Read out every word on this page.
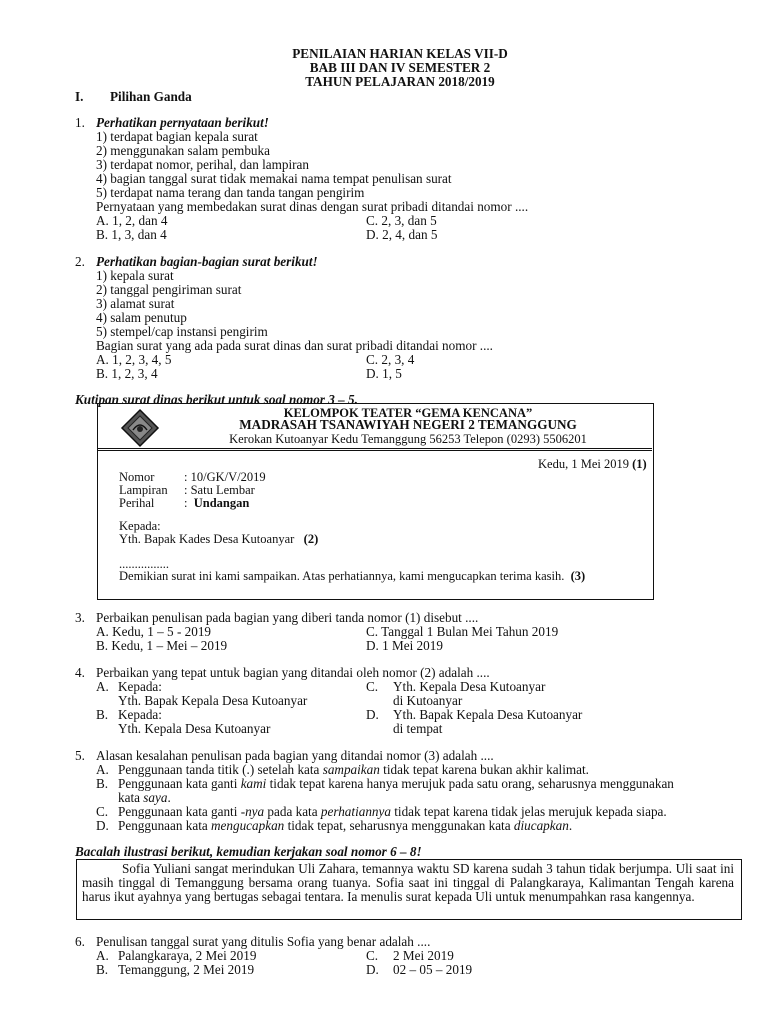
PENILAIAN HARIAN KELAS VII-D
BAB III DAN IV SEMESTER 2
TAHUN PELAJARAN 2018/2019
I. Pilihan Ganda
1. Perhatikan pernyataan berikut!
1) terdapat bagian kepala surat
2) menggunakan salam pembuka
3) terdapat nomor, perihal, dan lampiran
4) bagian tanggal surat tidak memakai nama tempat penulisan surat
5) terdapat nama terang dan tanda tangan pengirim
Pernyataan yang membedakan surat dinas dengan surat pribadi ditandai nomor ....
A. 1, 2, dan 4	C. 2, 3, dan 5
B. 1, 3, dan 4	D. 2, 4, dan 5
2. Perhatikan bagian-bagian surat berikut!
1) kepala surat
2) tanggal pengiriman surat
3) alamat surat
4) salam penutup
5) stempel/cap instansi pengirim
Bagian surat yang ada pada surat dinas dan surat pribadi ditandai nomor ....
A. 1, 2, 3, 4, 5	C. 2, 3, 4
B. 1, 2, 3, 4	D. 1, 5
Kutipan surat dinas berikut untuk soal nomor 3 – 5.
KELOMPOK TEATER “GEMA KENCANA”
MADRASAH TSANAWIYAH NEGERI 2 TEMANGGUNG
Kerokan Kutoanyar Kedu Temanggung 56253 Telepon (0293) 5506201
Kedu, 1 Mei 2019 (1)
Nomor : 10/GK/V/2019
Lampiran : Satu Lembar
Perihal : Undangan
Kepada:
Yth. Bapak Kades Desa Kutoanyar (2)
................
Demikian surat ini kami sampaikan. Atas perhatiannya, kami mengucapkan terima kasih. (3)
3. Perbaikan penulisan pada bagian yang diberi tanda nomor (1) disebut ....
A. Kedu, 1 – 5 - 2019	C. Tanggal 1 Bulan Mei Tahun 2019
B. Kedu, 1 – Mei – 2019	D. 1 Mei 2019
4. Perbaikan yang tepat untuk bagian yang ditandai oleh nomor (2) adalah ....
A. Kepada:
Yth. Bapak Kepala Desa Kutoanyar
C. Yth. Kepala Desa Kutoanyar
di Kutoanyar
B. Kepada:
Yth. Kepala Desa Kutoanyar
D. Yth. Bapak Kepala Desa Kutoanyar
di tempat
5. Alasan kesalahan penulisan pada bagian yang ditandai nomor (3) adalah ....
A. Penggunaan tanda titik (.) setelah kata sampaikan tidak tepat karena bukan akhir kalimat.
B. Penggunaan kata ganti kami tidak tepat karena hanya merujuk pada satu orang, seharusnya menggunakan
kata saya.
C. Penggunaan kata ganti -nya pada kata perhatiannya tidak tepat karena tidak jelas merujuk kepada siapa.
D. Penggunaan kata mengucapkan tidak tepat, seharusnya menggunakan kata diucapkan.
Bacalah ilustrasi berikut, kemudian kerjakan soal nomor 6 – 8!
Sofia Yuliani sangat merindukan Uli Zahara, temannya waktu SD karena sudah 3 tahun tidak berjumpa. Uli saat ini masih tinggal di Temanggung bersama orang tuanya. Sofia saat ini tinggal di Palangkaraya, Kalimantan Tengah karena harus ikut ayahnya yang bertugas sebagai tentara. Ia menulis surat kepada Uli untuk menumpahkan rasa kangennya.
6. Penulisan tanggal surat yang ditulis Sofia yang benar adalah ....
A. Palangkaraya, 2 Mei 2019	C. 2 Mei 2019
B. Temanggung, 2 Mei 2019	D. 02 – 05 – 2019
